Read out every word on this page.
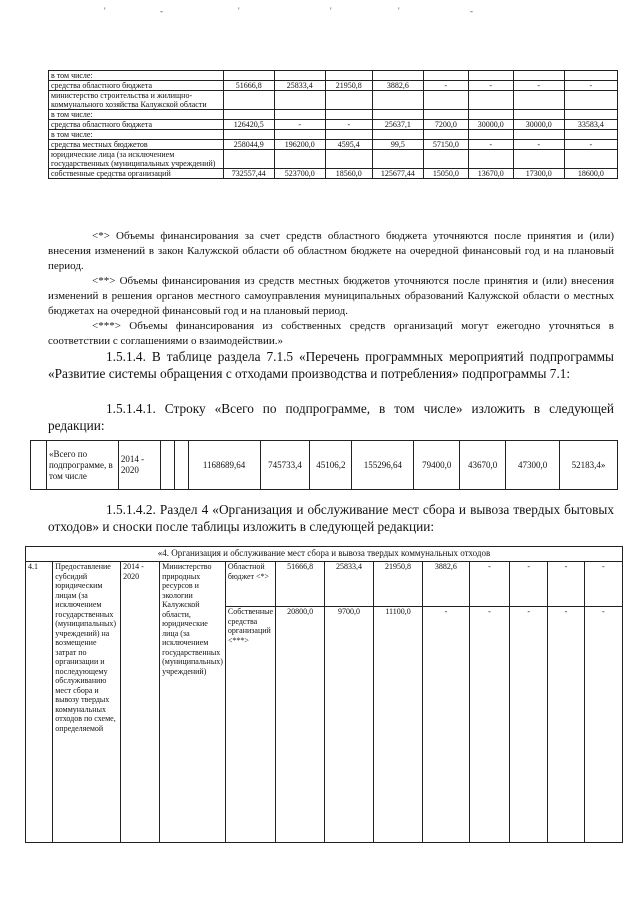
'	-	'	'	'	-
в том числе:								
средства областного бюджета	51666,8	25833,4	21950,8	3882,6	-	-	-	-
министерство строительства и жилищно-коммунального хозяйства Калужской области								
в том числе:								
средства областного бюджета	126420,5	-	-	25637,1	7200,0	30000,0	30000,0	33583,4
в том числе:								
средства местных бюджетов	258044,9	196200,0	4595,4	99,5	57150,0	-	-	-
юридические лица (за исключением государственных (муниципальных учреждений)								
собственные средства организаций	732557,44	523700,0	18560,0	125677,44	15050,0	13670,0	17300,0	18600,0

<*> Объемы финансирования за счет средств областного бюджета уточняются после принятия и (или) внесения изменений в закон Калужской области об областном бюджете на очередной финансовый год и на плановый период.

<**> Объемы финансирования из средств местных бюджетов уточняются после принятия и (или) внесения изменений в решения органов местного самоуправления муниципальных образований Калужской области о местных бюджетах на очередной финансовый год и на плановый период.

<***> Объемы финансирования из собственных средств организаций могут ежегодно уточняться в соответствии с соглашениями о взаимодействии.»

1.5.1.4. В таблице раздела 7.1.5 «Перечень программных мероприятий подпрограммы «Развитие системы обращения с отходами производства и потребления» подпрограммы 7.1:

1.5.1.4.1. Строку «Всего по подпрограмме, в том числе» изложить в следующей редакции:

	«Всего по подпрограмме, в том числе	2014 - 2020			1168689,64	745733,4	45106,2	155296,64	79400,0	43670,0	47300,0	52183,4»

1.5.1.4.2. Раздел 4 «Организация и обслуживание мест сбора и вывоза твердых бытовых отходов» и сноски после таблицы изложить в следующей редакции:

«4. Организация и обслуживание мест сбора и вывоза твердых коммунальных отходов												
4.1	Предоставление субсидий юридическим лицам (за исключением государственных (муниципальных) учреждений) на возмещение затрат по организации и последующему обслуживанию мест сбора и вывозу твердых коммунальных отходов по схеме, определяемой	2014 - 2020	Министерство природных ресурсов и экологии Калужской области, юридические лица (за исключением государственных (муниципальных) учреждений)	Областной бюджет <*>	51666,8	25833,4	21950,8	3882,6	-	-	-	-
				Собственные средства организаций <***>	20800,0	9700,0	11100,0	-	-	-	-	-
